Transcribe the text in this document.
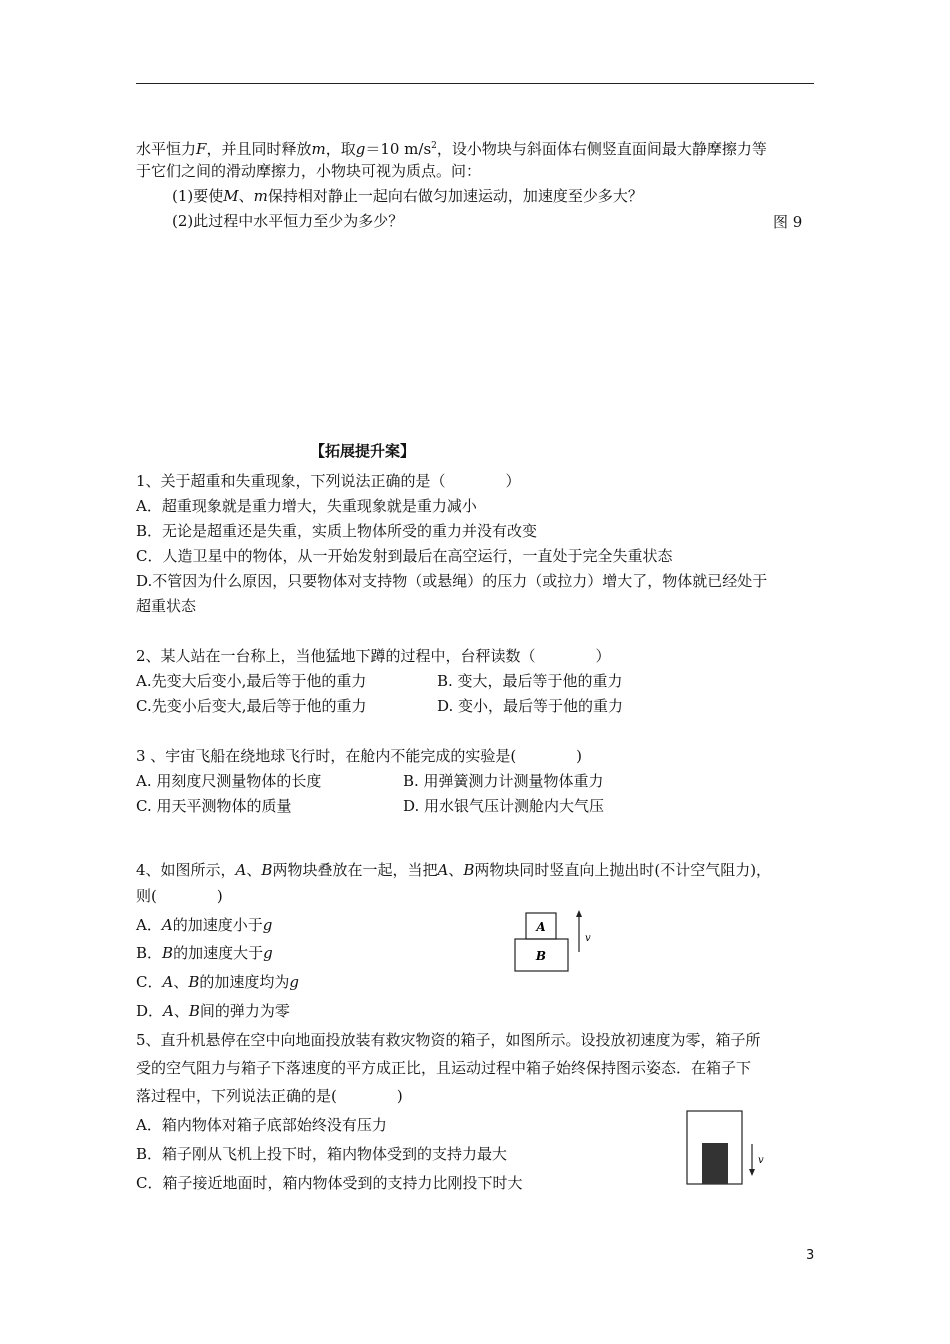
水平恒力F，并且同时释放m，取g＝10 $m/s^2$，设小物块与斜面体右侧竖直面间最大静摩擦力等
于它们之间的滑动摩擦力，小物块可视为质点。问：
(1)要使M、m保持相对静止一起向右做匀加速运动，加速度至少多大？
(2)此过程中水平恒力至少为多少？	图 9
【拓展提升案】
1、关于超重和失重现象，下列说法正确的是（　　　　）
A．超重现象就是重力增大，失重现象就是重力减小
B．无论是超重还是失重，实质上物体所受的重力并没有改变
C．人造卫星中的物体，从一开始发射到最后在高空运行，一直处于完全失重状态
D.不管因为什么原因，只要物体对支持物（或悬绳）的压力（或拉力）增大了，物体就已经处于
超重状态
2、某人站在一台称上，当他猛地下蹲的过程中，台秤读数（　　　　）
A.先变大后变小,最后等于他的重力	B. 变大，最后等于他的重力
C.先变小后变大,最后等于他的重力	D. 变小，最后等于他的重力
3 、宇宙飞船在绕地球飞行时，在舱内不能完成的实验是(　　　　)
A. 用刻度尺测量物体的长度	B. 用弹簧测力计测量物体重力
C. 用天平测物体的质量	D. 用水银气压计测舱内大气压
4、如图所示，A、B两物块叠放在一起，当把A、B两物块同时竖直向上抛出时(不计空气阻力)，
则(　　　　)
A．A的加速度小于g
B．B的加速度大于g
C．A、B的加速度均为g
D．A、B间的弹力为零
A
B
v
5、直升机悬停在空中向地面投放装有救灾物资的箱子，如图所示。设投放初速度为零，箱子所
受的空气阻力与箱子下落速度的平方成正比，且运动过程中箱子始终保持图示姿态．在箱子下
落过程中，下列说法正确的是(　　　　)
A．箱内物体对箱子底部始终没有压力
B．箱子刚从飞机上投下时，箱内物体受到的支持力最大
C．箱子接近地面时，箱内物体受到的支持力比刚投下时大
v
3
